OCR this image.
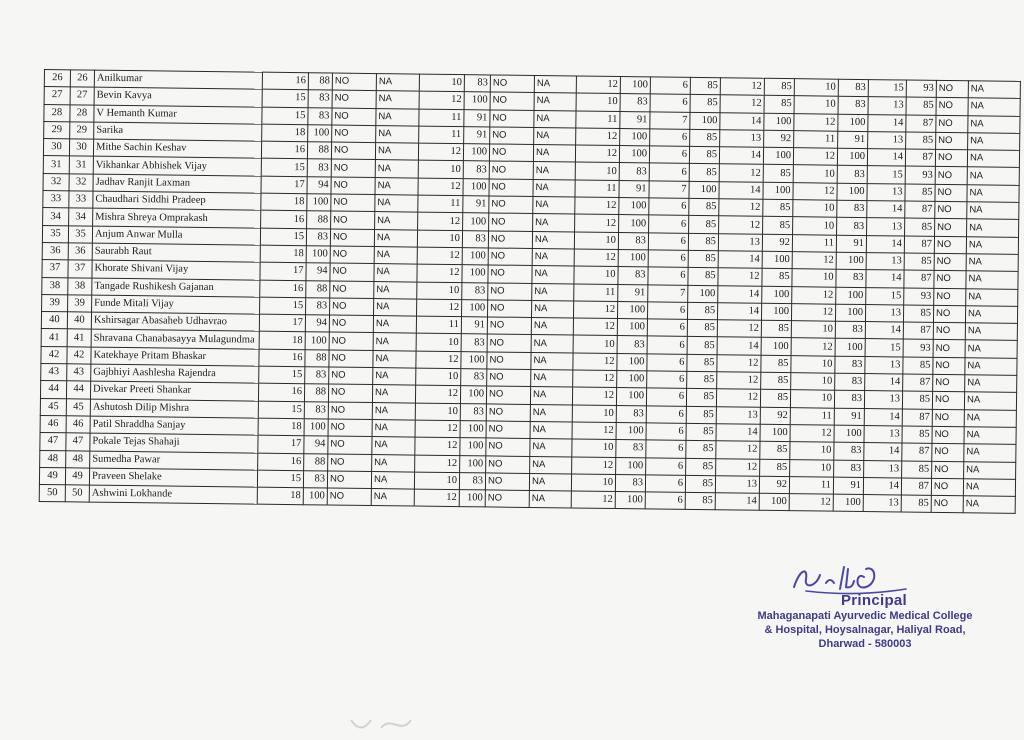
26	26	Anilkumar	16	88	NO	NA	10	83	NO	NA	12	100	6	85	12	85	10	83	15	93	NO	NA
27	27	Bevin Kavya	15	83	NO	NA	12	100	NO	NA	10	83	6	85	12	85	10	83	13	85	NO	NA
28	28	V Hemanth Kumar	15	83	NO	NA	11	91	NO	NA	11	91	7	100	14	100	12	100	14	87	NO	NA
29	29	Sarika	18	100	NO	NA	11	91	NO	NA	12	100	6	85	13	92	11	91	13	85	NO	NA
30	30	Mithe Sachin Keshav	16	88	NO	NA	12	100	NO	NA	12	100	6	85	14	100	12	100	14	87	NO	NA
31	31	Vikhankar Abhishek Vijay	15	83	NO	NA	10	83	NO	NA	10	83	6	85	12	85	10	83	15	93	NO	NA
32	32	Jadhav Ranjit Laxman	17	94	NO	NA	12	100	NO	NA	11	91	7	100	14	100	12	100	13	85	NO	NA
33	33	Chaudhari Siddhi Pradeep	18	100	NO	NA	11	91	NO	NA	12	100	6	85	12	85	10	83	14	87	NO	NA
34	34	Mishra Shreya Omprakash	16	88	NO	NA	12	100	NO	NA	12	100	6	85	12	85	10	83	13	85	NO	NA
35	35	Anjum Anwar Mulla	15	83	NO	NA	10	83	NO	NA	10	83	6	85	13	92	11	91	14	87	NO	NA
36	36	Saurabh Raut	18	100	NO	NA	12	100	NO	NA	12	100	6	85	14	100	12	100	13	85	NO	NA
37	37	Khorate Shivani Vijay	17	94	NO	NA	12	100	NO	NA	10	83	6	85	12	85	10	83	14	87	NO	NA
38	38	Tangade Rushikesh Gajanan	16	88	NO	NA	10	83	NO	NA	11	91	7	100	14	100	12	100	15	93	NO	NA
39	39	Funde Mitali Vijay	15	83	NO	NA	12	100	NO	NA	12	100	6	85	14	100	12	100	13	85	NO	NA
40	40	Kshirsagar Abasaheb Udhavrao	17	94	NO	NA	11	91	NO	NA	12	100	6	85	12	85	10	83	14	87	NO	NA
41	41	Shravana Chanabasayya Mulagundma	18	100	NO	NA	10	83	NO	NA	10	83	6	85	14	100	12	100	15	93	NO	NA
42	42	Katekhaye Pritam Bhaskar	16	88	NO	NA	12	100	NO	NA	12	100	6	85	12	85	10	83	13	85	NO	NA
43	43	Gajbhiyi Aashlesha Rajendra	15	83	NO	NA	10	83	NO	NA	12	100	6	85	12	85	10	83	14	87	NO	NA
44	44	Divekar Preeti Shankar	16	88	NO	NA	12	100	NO	NA	12	100	6	85	12	85	10	83	13	85	NO	NA
45	45	Ashutosh Dilip Mishra	15	83	NO	NA	10	83	NO	NA	10	83	6	85	13	92	11	91	14	87	NO	NA
46	46	Patil Shraddha Sanjay	18	100	NO	NA	12	100	NO	NA	12	100	6	85	14	100	12	100	13	85	NO	NA
47	47	Pokale Tejas Shahaji	17	94	NO	NA	12	100	NO	NA	10	83	6	85	12	85	10	83	14	87	NO	NA
48	48	Sumedha Pawar	16	88	NO	NA	12	100	NO	NA	12	100	6	85	12	85	10	83	13	85	NO	NA
49	49	Praveen Shelake	15	83	NO	NA	10	83	NO	NA	10	83	6	85	13	92	11	91	14	87	NO	NA
50	50	Ashwini Lokhande	18	100	NO	NA	12	100	NO	NA	12	100	6	85	14	100	12	100	13	85	NO	NA
Principal
Mahaganapati Ayurvedic Medical College
& Hospital, Hoysalnagar, Haliyal Road,
Dharwad - 580003
